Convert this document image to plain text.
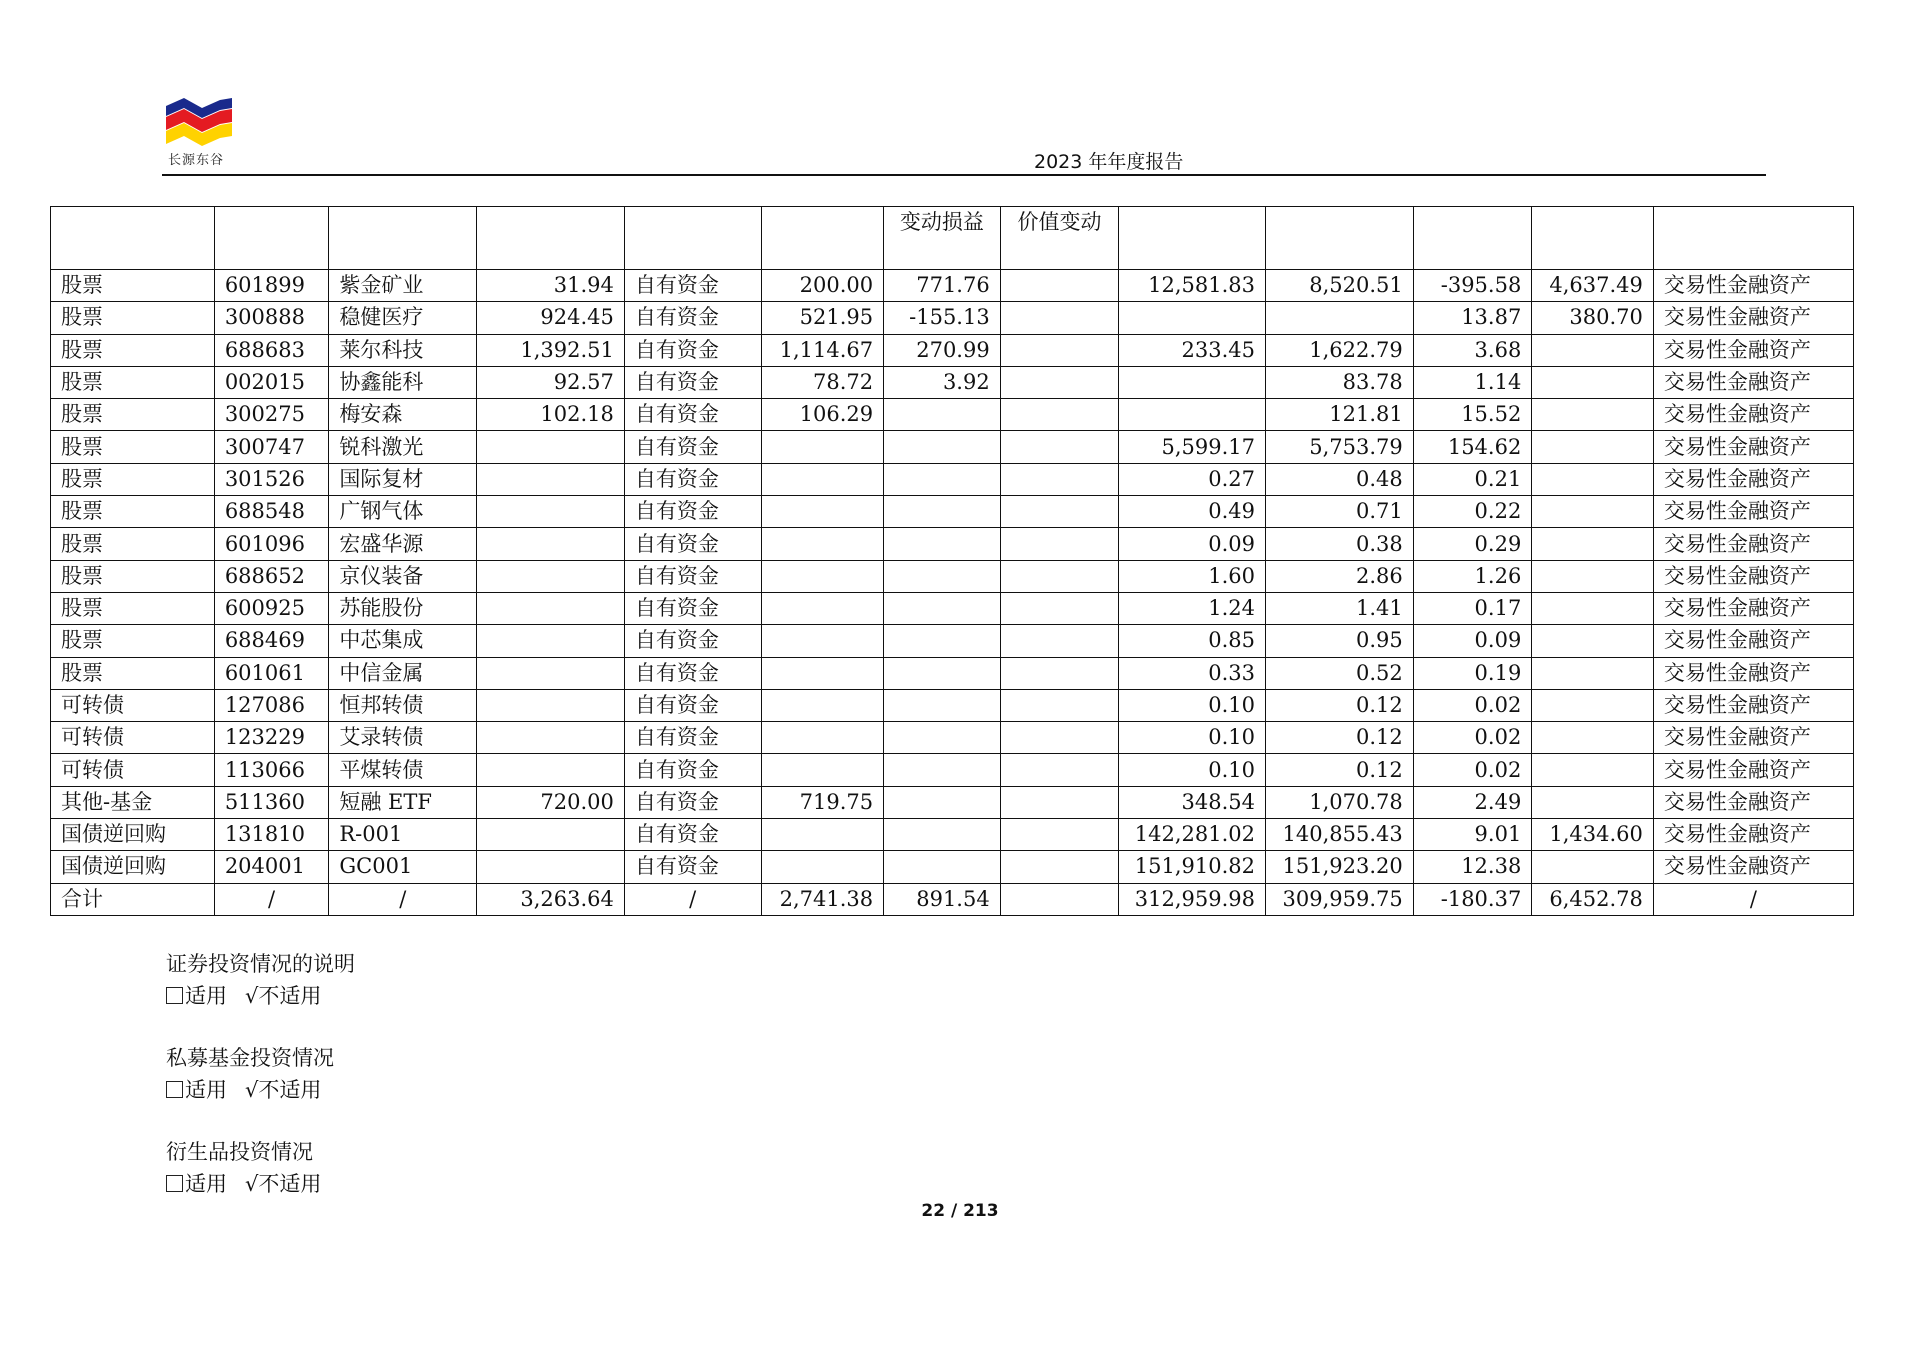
长源东谷	2023 年年度报告
						变动损益	价值变动					
股票	601899	紫金矿业	31.94	自有资金	200.00	771.76		12,581.83	8,520.51	-395.58	4,637.49	交易性金融资产
股票	300888	稳健医疗	924.45	自有资金	521.95	-155.13				13.87	380.70	交易性金融资产
股票	688683	莱尔科技	1,392.51	自有资金	1,114.67	270.99		233.45	1,622.79	3.68		交易性金融资产
股票	002015	协鑫能科	92.57	自有资金	78.72	3.92			83.78	1.14		交易性金融资产
股票	300275	梅安森	102.18	自有资金	106.29				121.81	15.52		交易性金融资产
股票	300747	锐科激光		自有资金				5,599.17	5,753.79	154.62		交易性金融资产
股票	301526	国际复材		自有资金				0.27	0.48	0.21		交易性金融资产
股票	688548	广钢气体		自有资金				0.49	0.71	0.22		交易性金融资产
股票	601096	宏盛华源		自有资金				0.09	0.38	0.29		交易性金融资产
股票	688652	京仪装备		自有资金				1.60	2.86	1.26		交易性金融资产
股票	600925	苏能股份		自有资金				1.24	1.41	0.17		交易性金融资产
股票	688469	中芯集成		自有资金				0.85	0.95	0.09		交易性金融资产
股票	601061	中信金属		自有资金				0.33	0.52	0.19		交易性金融资产
可转债	127086	恒邦转债		自有资金				0.10	0.12	0.02		交易性金融资产
可转债	123229	艾录转债		自有资金				0.10	0.12	0.02		交易性金融资产
可转债	113066	平煤转债		自有资金				0.10	0.12	0.02		交易性金融资产
其他-基金	511360	短融 ETF	720.00	自有资金	719.75			348.54	1,070.78	2.49		交易性金融资产
国债逆回购	131810	R-001		自有资金				142,281.02	140,855.43	9.01	1,434.60	交易性金融资产
国债逆回购	204001	GC001		自有资金				151,910.82	151,923.20	12.38		交易性金融资产
合计	/	/	3,263.64	/	2,741.38	891.54		312,959.98	309,959.75	-180.37	6,452.78	/
证券投资情况的说明
适用 √不适用
私募基金投资情况
适用 √不适用
衍生品投资情况
适用 √不适用
22 / 213
